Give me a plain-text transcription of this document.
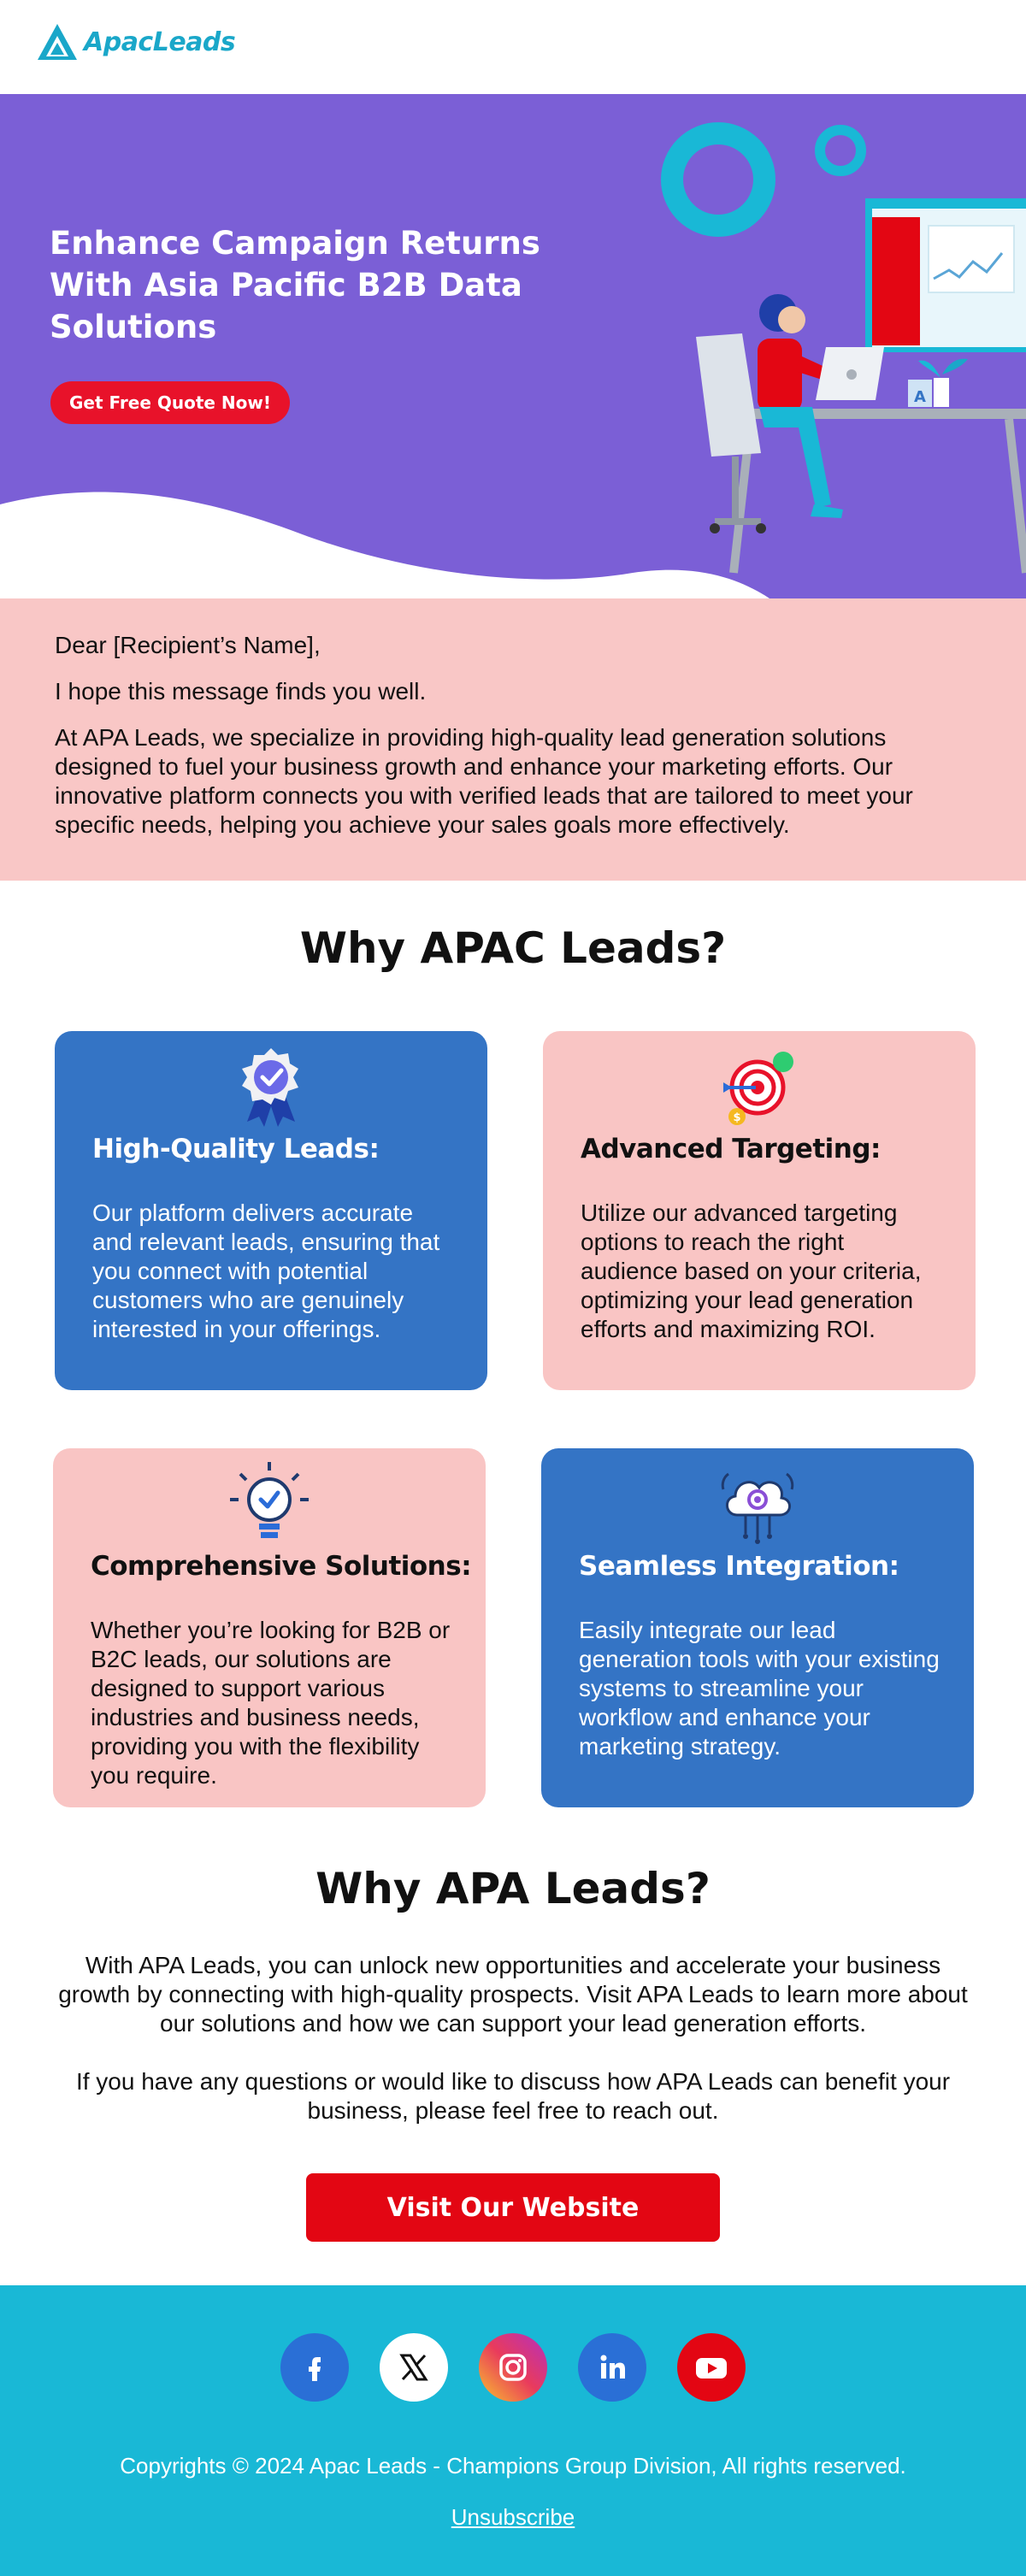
ApacLeads
Enhance Campaign Returns With Asia Pacific B2B Data Solutions
Get Free Quote Now!	A

Dear [Recipient’s Name],

I hope this message finds you well.

At APA Leads, we specialize in providing high-quality lead generation solutions designed to fuel your business growth and enhance your marketing efforts. Our innovative platform connects you with verified leads that are tailored to meet your specific needs, helping you achieve your sales goals more effectively.

Why APAC Leads?
High-Quality Leads:

Our platform delivers accurate and relevant leads, ensuring that you connect with potential customers who are genuinely interested in your offerings.

$
Advanced Targeting:

Utilize our advanced targeting options to reach the right audience based on your criteria, optimizing your lead generation efforts and maximizing ROI.

Comprehensive Solutions:

Whether you’re looking for B2B or B2C leads, our solutions are designed to support various industries and business needs, providing you with the flexibility you require.

Seamless Integration:

Easily integrate our lead generation tools with your existing systems to streamline your workflow and enhance your marketing strategy.

Why APA Leads?

With APA Leads, you can unlock new opportunities and accelerate your business growth by connecting with high-quality prospects. Visit APA Leads to learn more about our solutions and how we can support your lead generation efforts.

If you have any questions or would like to discuss how APA Leads can benefit your business, please feel free to reach out.

Visit Our Website

Copyrights © 2024 Apac Leads - Champions Group Division, All rights reserved.

Unsubscribe
